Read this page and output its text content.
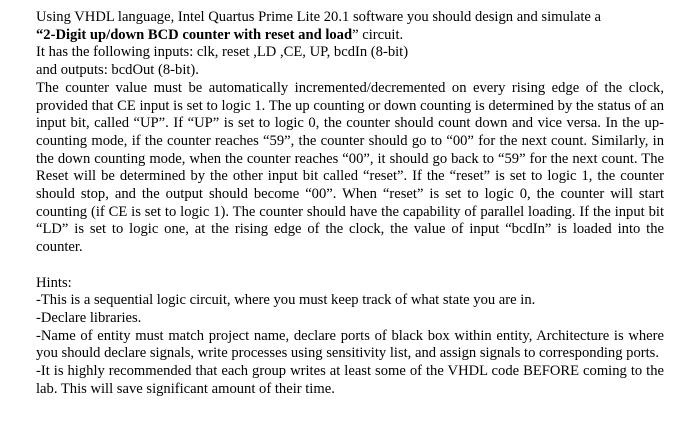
Using VHDL language, Intel Quartus Prime Lite 20.1 software you should design and simulate a
“2-Digit up/down BCD counter with reset and load” circuit.
It has the following inputs: clk, reset ,LD ,CE, UP, bcdIn (8-bit)
and outputs: bcdOut (8-bit).

The counter value must be automatically incremented/decremented on every rising edge of the clock, provided that CE input is set to logic 1. The up counting or down counting is determined by the status of an input bit, called “UP”. If “UP” is set to logic 0, the counter should count down and vice versa. In the up-counting mode, if the counter reaches “59”, the counter should go to “00” for the next count. Similarly, in the down counting mode, when the counter reaches “00”, it should go back to “59” for the next count. The Reset will be determined by the other input bit called “reset”. If the “reset” is set to logic 1, the counter should stop, and the output should become “00”. When “reset” is set to logic 0, the counter will start counting (if CE is set to logic 1). The counter should have the capability of parallel loading. If the input bit “LD” is set to logic one, at the rising edge of the clock, the value of input “bcdIn” is loaded into the counter.

Hints:

-This is a sequential logic circuit, where you must keep track of what state you are in.

-Declare libraries.

-Name of entity must match project name, declare ports of black box within entity, Architecture is where you should declare signals, write processes using sensitivity list, and assign signals to corresponding ports.

-It is highly recommended that each group writes at least some of the VHDL code BEFORE coming to the lab. This will save significant amount of their time.
